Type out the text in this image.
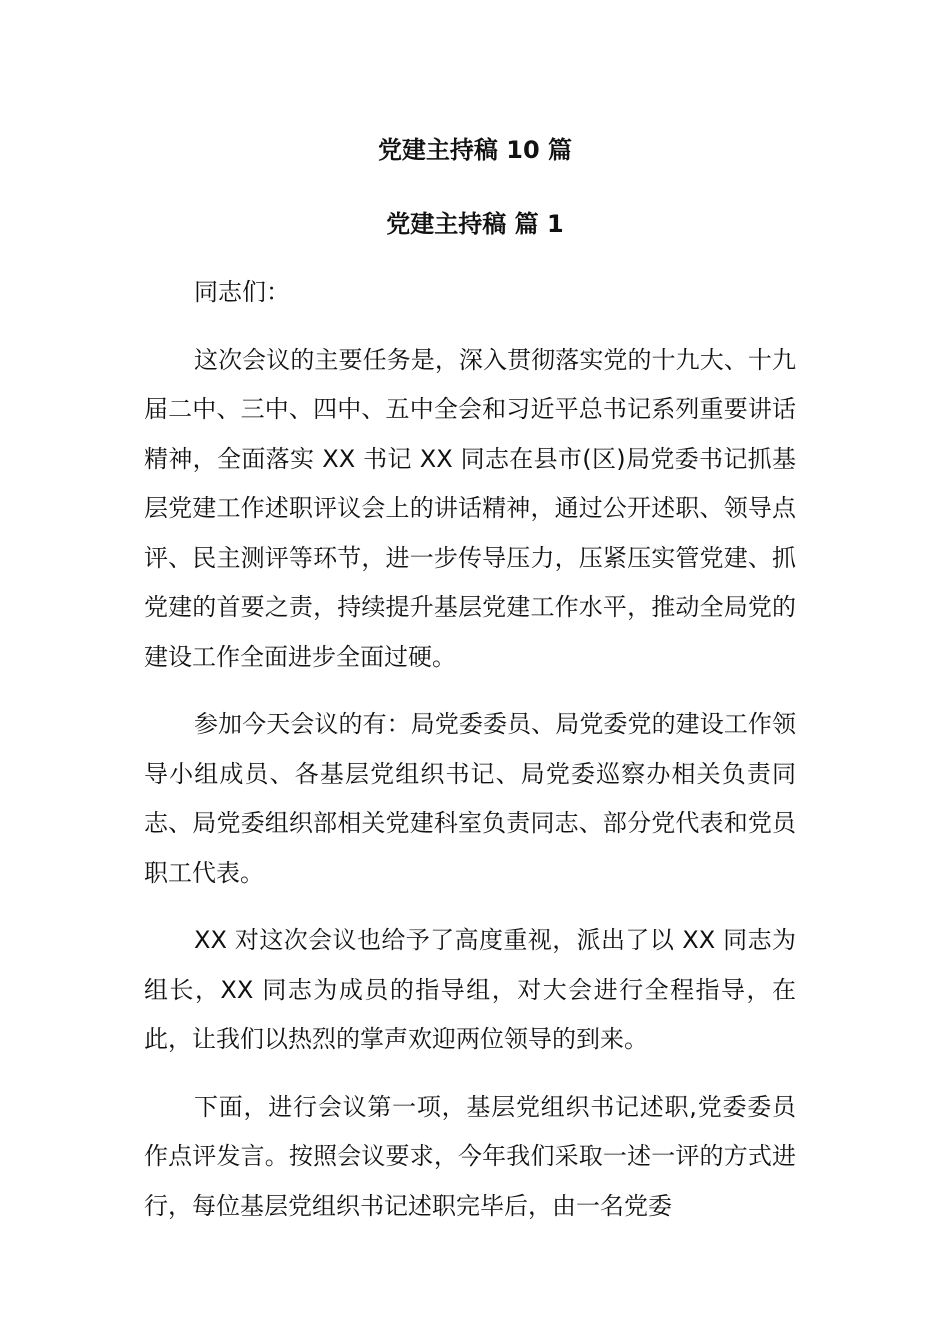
党建主持稿 10 篇
党建主持稿 篇 1

同志们：

这次会议的主要任务是，深入贯彻落实党的十九大、十九届二中、三中、四中、五中全会和习近平总书记系列重要讲话精神，全面落实 XX 书记 XX 同志在县市(区)局党委书记抓基层党建工作述职评议会上的讲话精神，通过公开述职、领导点评、民主测评等环节，进一步传导压力，压紧压实管党建、抓党建的首要之责，持续提升基层党建工作水平，推动全局党的建设工作全面进步全面过硬。

参加今天会议的有：局党委委员、局党委党的建设工作领导小组成员、各基层党组织书记、局党委巡察办相关负责同志、局党委组织部相关党建科室负责同志、部分党代表和党员职工代表。

XX 对这次会议也给予了高度重视，派出了以 XX 同志为组长，XX 同志为成员的指导组，对大会进行全程指导，在此，让我们以热烈的掌声欢迎两位领导的到来。

下面，进行会议第一项，基层党组织书记述职,党委委员作点评发言。按照会议要求，今年我们采取一述一评的方式进行，每位基层党组织书记述职完毕后，由一名党委
